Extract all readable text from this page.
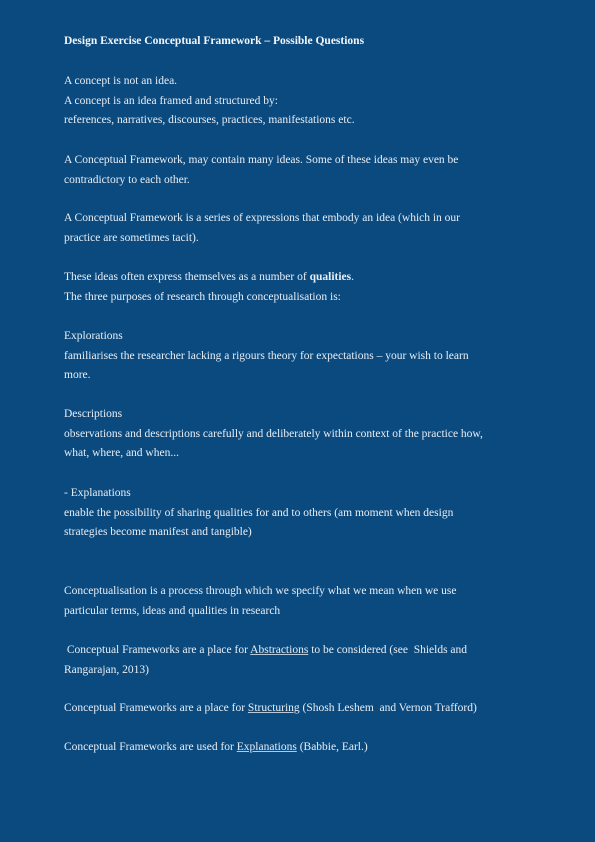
Design Exercise Conceptual Framework – Possible Questions
A concept is not an idea.
A concept is an idea framed and structured by:
references, narratives, discourses, practices, manifestations etc.
A Conceptual Framework, may contain many ideas. Some of these ideas may even be
contradictory to each other.
A Conceptual Framework is a series of expressions that embody an idea (which in our
practice are sometimes tacit).
These ideas often express themselves as a number of qualities.
The three purposes of research through conceptualisation is:
Explorations
familiarises the researcher lacking a rigours theory for expectations – your wish to learn
more.
Descriptions
observations and descriptions carefully and deliberately within context of the practice how,
what, where, and when...
- Explanations
enable the possibility of sharing qualities for and to others (am moment when design
strategies become manifest and tangible)
Conceptualisation is a process through which we specify what we mean when we use
particular terms, ideas and qualities in research
Conceptual Frameworks are a place for Abstractions to be considered (see  Shields and
Rangarajan, 2013)
Conceptual Frameworks are a place for Structuring (Shosh Leshem  and Vernon Trafford)
Conceptual Frameworks are used for Explanations (Babbie, Earl.)
